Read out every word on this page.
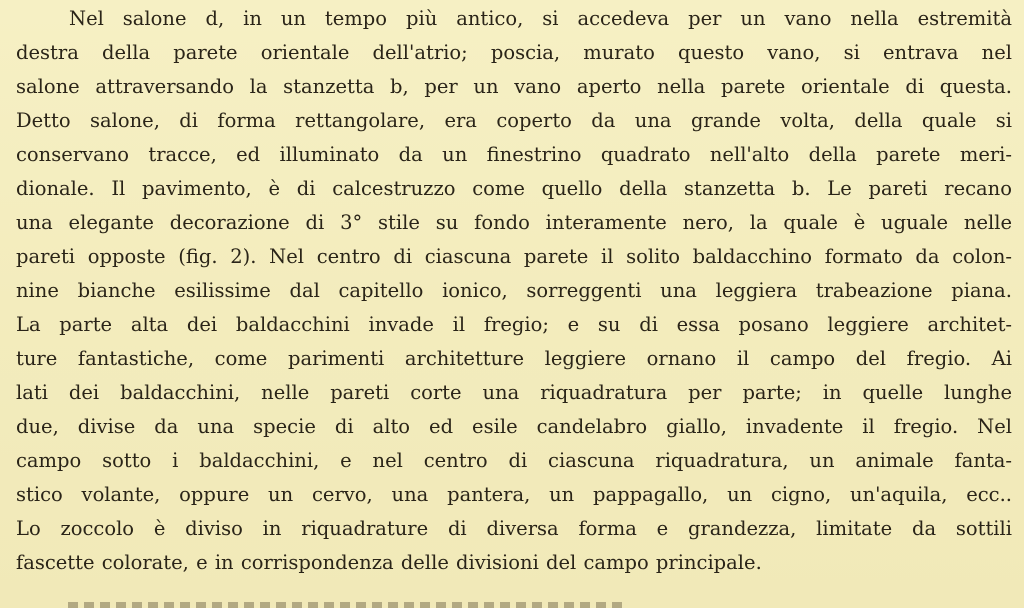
Nel salone d, in un tempo più antico, si accedeva per un vano nella estremità
destra della parete orientale dell'atrio; poscia, murato questo vano, si entrava nel
salone attraversando la stanzetta b, per un vano aperto nella parete orientale di questa.
Detto salone, di forma rettangolare, era coperto da una grande volta, della quale si
conservano tracce, ed illuminato da un finestrino quadrato nell'alto della parete meri-
dionale. Il pavimento, è di calcestruzzo come quello della stanzetta b. Le pareti recano
una elegante decorazione di 3° stile su fondo interamente nero, la quale è uguale nelle
pareti opposte (fig. 2). Nel centro di ciascuna parete il solito baldacchino formato da colon-
nine bianche esilissime dal capitello ionico, sorreggenti una leggiera trabeazione piana.
La parte alta dei baldacchini invade il fregio; e su di essa posano leggiere architet-
ture fantastiche, come parimenti architetture leggiere ornano il campo del fregio. Ai
lati dei baldacchini, nelle pareti corte una riquadratura per parte; in quelle lunghe
due, divise da una specie di alto ed esile candelabro giallo, invadente il fregio. Nel
campo sotto i baldacchini, e nel centro di ciascuna riquadratura, un animale fanta-
stico volante, oppure un cervo, una pantera, un pappagallo, un cigno, un'aquila, ecc..
Lo zoccolo è diviso in riquadrature di diversa forma e grandezza, limitate da sottili
fascette colorate, e in corrispondenza delle divisioni del campo principale.
